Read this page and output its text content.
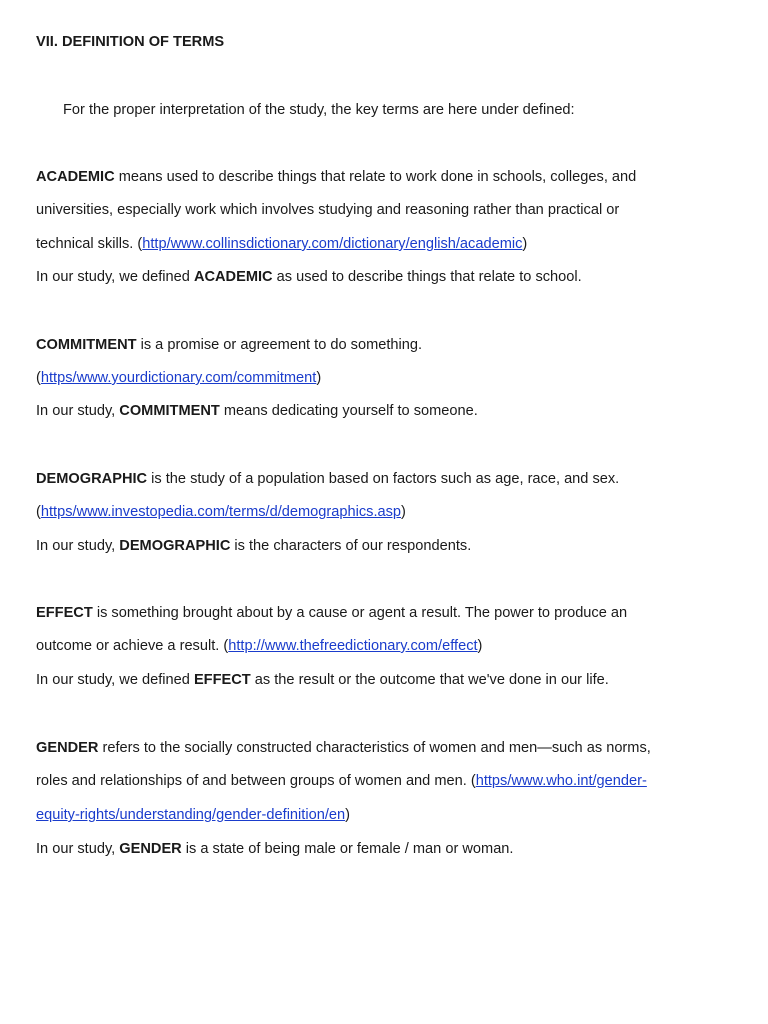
VII. DEFINITION OF TERMS
For the proper interpretation of the study, the key terms are here under defined:
ACADEMIC means used to describe things that relate to work done in schools, colleges, and
universities, especially work which involves studying and reasoning rather than practical or
technical skills. (http/www.collinsdictionary.com/dictionary/english/academic)
In our study, we defined ACADEMIC as used to describe things that relate to school.
COMMITMENT is a promise or agreement to do something.
(https/www.yourdictionary.com/commitment)
In our study, COMMITMENT means dedicating yourself to someone.
DEMOGRAPHIC is the study of a population based on factors such as age, race, and sex.
(https/www.investopedia.com/terms/d/demographics.asp)
In our study, DEMOGRAPHIC is the characters of our respondents.
EFFECT is something brought about by a cause or agent a result. The power to produce an
outcome or achieve a result. (http://www.thefreedictionary.com/effect)
In our study, we defined EFFECT as the result or the outcome that we've done in our life.
GENDER refers to the socially constructed characteristics of women and men—such as norms,
roles and relationships of and between groups of women and men. (https/www.who.int/gender-
equity-rights/understanding/gender-definition/en)
In our study, GENDER is a state of being male or female / man or woman.
